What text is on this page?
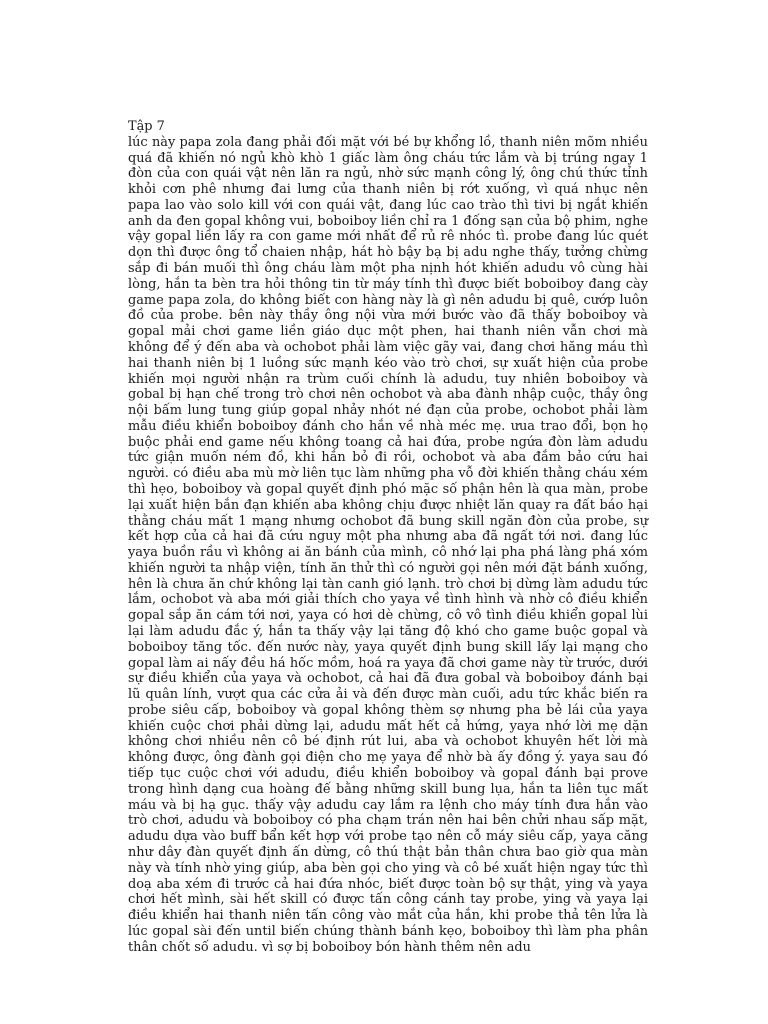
Tập 7

lúc này papa zola đang phải đối mặt với bé bự khổng lồ, thanh niên mõm nhiều quá đã khiến nó ngủ khò khò 1 giấc làm ông cháu tức lắm và bị trúng ngay 1 đòn của con quái vật nên lăn ra ngủ, nhờ sức mạnh công lý, ông chú thức tỉnh khỏi cơn phê nhưng đai lưng của thanh niên bị rớt xuống, vì quá nhục nên papa lao vào solo kill với con quái vật, đang lúc cao trào thì tivi bị ngắt khiến anh da đen gopal không vui, boboiboy liền chỉ ra 1 đống sạn của bộ phim, nghe vậy gopal liền lấy ra con game mới nhất để rủ rê nhóc tì. probe đang lúc quét dọn thì được ông tổ chaien nhập, hát hò bậy bạ bị adu nghe thấy, tưởng chừng sắp đi bán muối thì ông cháu làm một pha nịnh hót khiến adudu vô cùng hài lòng, hắn ta bèn tra hỏi thông tin từ máy tính thì được biết boboiboy đang cày game papa zola, do không biết con hàng này là gì nên adudu bị quê, cướp luôn đồ của probe. bên này thầy ông nội vừa mới bước vào đã thấy boboiboy và gopal mải chơi game liền giáo dục một phen, hai thanh niên vẫn chơi mà không để ý đến aba và ochobot phải làm việc gãy vai, đang chơi hăng máu thì hai thanh niên bị 1 luồng sức mạnh kéo vào trò chơi, sự xuất hiện của probe khiến mọi người nhận ra trùm cuối chính là adudu, tuy nhiên boboiboy và gobal bị hạn chế trong trò chơi nên ochobot và aba đành nhập cuộc, thầy ông nội bấm lung tung giúp gopal nhảy nhót né đạn của probe, ochobot phải làm mẫu điều khiển boboiboy đánh cho hắn về nhà méc mẹ. ưua trao đổi, bọn họ buộc phải end game nếu không toang cả hai đứa, probe ngứa đòn làm adudu tức giận muốn ném đồ, khi hắn bỏ đi rồi, ochobot và aba đắm bảo cứu hai người. có điều aba mù mờ liên tục làm những pha vỗ đời khiến thằng cháu xém thì hẹo, boboiboy và gopal quyết định phó mặc số phận hên là qua màn, probe lại xuất hiện bắn đạn khiến aba không chịu được nhiệt lăn quay ra đất báo hại thằng cháu mất 1 mạng nhưng ochobot đã bung skill ngăn đòn của probe, sự kết hợp của cả hai đã cứu nguy một pha nhưng aba đã ngất tới nơi. đang lúc yaya buồn rầu vì không ai ăn bánh của mình, cô nhớ lại pha phá làng phá xóm khiến người ta nhập viện, tính ăn thử thì có người gọi nên mới đặt bánh xuống, hên là chưa ăn chứ không lại tàn canh gió lạnh. trò chơi bị dừng làm adudu tức lắm, ochobot và aba mới giải thích cho yaya về tình hình và nhờ cô điều khiển gopal sắp ăn cám tới nơi, yaya có hơi dè chừng, cô vô tình điều khiển gopal lùi lại làm adudu đắc ý, hắn ta thấy vậy lại tăng độ khó cho game buộc gopal và boboiboy tăng tốc. đến nước này, yaya quyết định bung skill lấy lại mạng cho gopal làm ai nấy đều há hốc mồm, hoá ra yaya đã chơi game này từ trước, dưới sự điều khiển của yaya và ochobot, cả hai đã đưa gobal và boboiboy đánh bại lũ quân lính, vượt qua các cửa ải và đến được màn cuối, adu tức khắc biến ra probe siêu cấp, boboiboy và gopal không thèm sợ nhưng pha bẻ lái của yaya khiến cuộc chơi phải dừng lại, adudu mất hết cả hứng, yaya nhớ lời mẹ dặn không chơi nhiều nên cô bé định rút lui, aba và ochobot khuyên hết lời mà không được, ông đành gọi điện cho mẹ yaya để nhờ bà ấy đồng ý. yaya sau đó tiếp tục cuộc chơi với adudu, điều khiển boboiboy và gopal đánh bại prove trong hình dạng cua hoàng đế bằng những skill bung lụa, hắn ta liên tục mất máu và bị hạ gục. thấy vậy adudu cay lắm ra lệnh cho máy tính đưa hắn vào trò chơi, adudu và boboiboy có pha chạm trán nên hai bên chửi nhau sấp mặt, adudu dựa vào buff bẩn kết hợp với probe tạo nên cỗ máy siêu cấp, yaya căng như dây đàn quyết định ấn dừng, cô thú thật bản thân chưa bao giờ qua màn này và tính nhờ ying giúp, aba bèn gọi cho ying và cô bé xuất hiện ngay tức thì doạ aba xém đi trước cả hai đứa nhóc, biết được toàn bộ sự thật, ying và yaya chơi hết mình, sài hết skill có được tấn công cánh tay probe, ying và yaya lại điều khiển hai thanh niên tấn công vào mắt của hắn, khi probe thả tên lửa là lúc gopal sài đến until biến chúng thành bánh kẹo, boboiboy thì làm pha phân thân chốt số adudu. vì sợ bị boboiboy bón hành thêm nên adu
